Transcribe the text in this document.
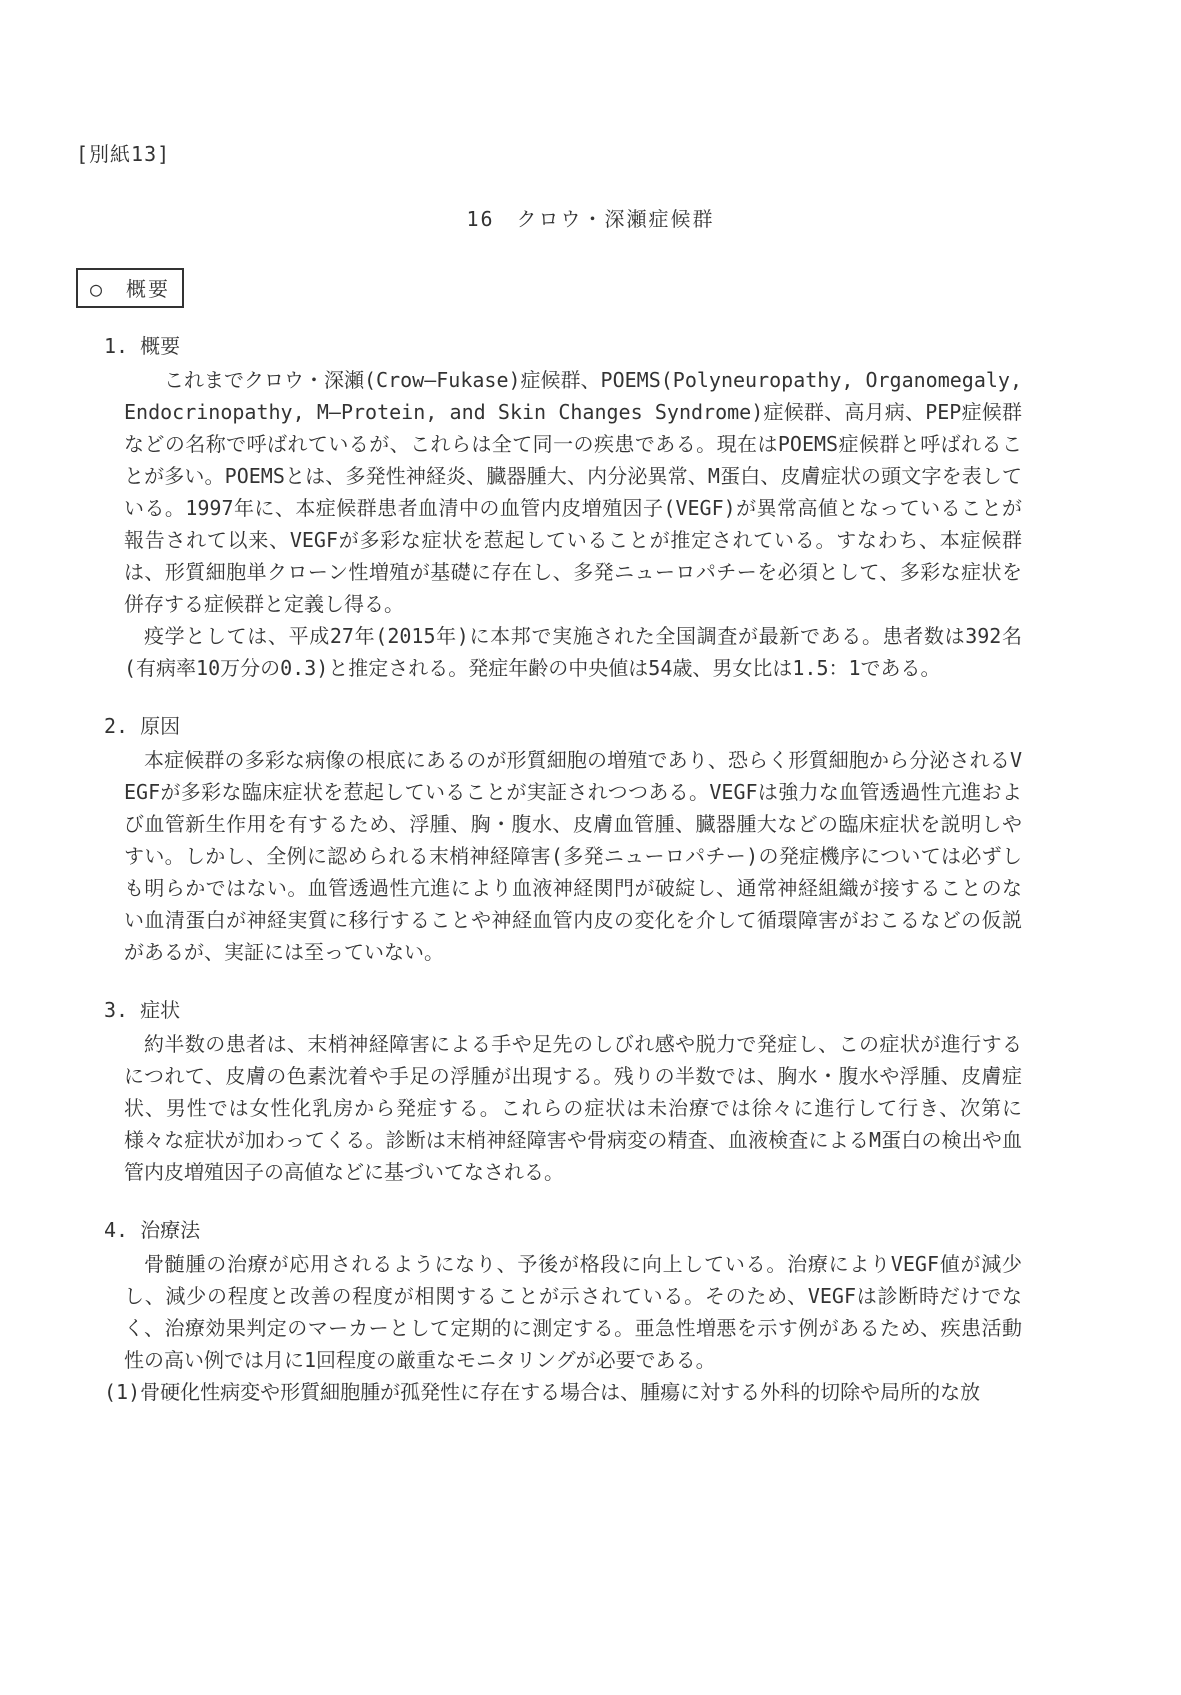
[別紙13]
16　クロウ・深瀬症候群
○　概要
1. 概要

これまでクロウ・深瀬(Crow―Fukase)症候群、POEMS(Polyneuropathy, Organomegaly, Endocrinopathy, M―Protein, and Skin Changes Syndrome)症候群、高月病、PEP症候群などの名称で呼ばれているが、これらは全て同一の疾患である。現在はPOEMS症候群と呼ばれることが多い。POEMSとは、多発性神経炎、臓器腫大、内分泌異常、M蛋白、皮膚症状の頭文字を表している。1997年に、本症候群患者血清中の血管内皮増殖因子(VEGF)が異常高値となっていることが報告されて以来、VEGFが多彩な症状を惹起していることが推定されている。すなわち、本症候群は、形質細胞単クローン性増殖が基礎に存在し、多発ニューロパチーを必須として、多彩な症状を併存する症候群と定義し得る。

疫学としては、平成27年(2015年)に本邦で実施された全国調査が最新である。患者数は392名(有病率10万分の0.3)と推定される。発症年齢の中央値は54歳、男女比は1.5：1である。

2. 原因

本症候群の多彩な病像の根底にあるのが形質細胞の増殖であり、恐らく形質細胞から分泌されるVEGFが多彩な臨床症状を惹起していることが実証されつつある。VEGFは強力な血管透過性亢進および血管新生作用を有するため、浮腫、胸・腹水、皮膚血管腫、臓器腫大などの臨床症状を説明しやすい。しかし、全例に認められる末梢神経障害(多発ニューロパチー)の発症機序については必ずしも明らかではない。血管透過性亢進により血液神経関門が破綻し、通常神経組織が接することのない血清蛋白が神経実質に移行することや神経血管内皮の変化を介して循環障害がおこるなどの仮説があるが、実証には至っていない。

3. 症状

約半数の患者は、末梢神経障害による手や足先のしびれ感や脱力で発症し、この症状が進行するにつれて、皮膚の色素沈着や手足の浮腫が出現する。残りの半数では、胸水・腹水や浮腫、皮膚症状、男性では女性化乳房から発症する。これらの症状は未治療では徐々に進行して行き、次第に様々な症状が加わってくる。診断は末梢神経障害や骨病変の精査、血液検査によるM蛋白の検出や血管内皮増殖因子の高値などに基づいてなされる。

4. 治療法

骨髄腫の治療が応用されるようになり、予後が格段に向上している。治療によりVEGF値が減少し、減少の程度と改善の程度が相関することが示されている。そのため、VEGFは診断時だけでなく、治療効果判定のマーカーとして定期的に測定する。亜急性増悪を示す例があるため、疾患活動性の高い例では月に1回程度の厳重なモニタリングが必要である。

(1)骨硬化性病変や形質細胞腫が孤発性に存在する場合は、腫瘍に対する外科的切除や局所的な放
